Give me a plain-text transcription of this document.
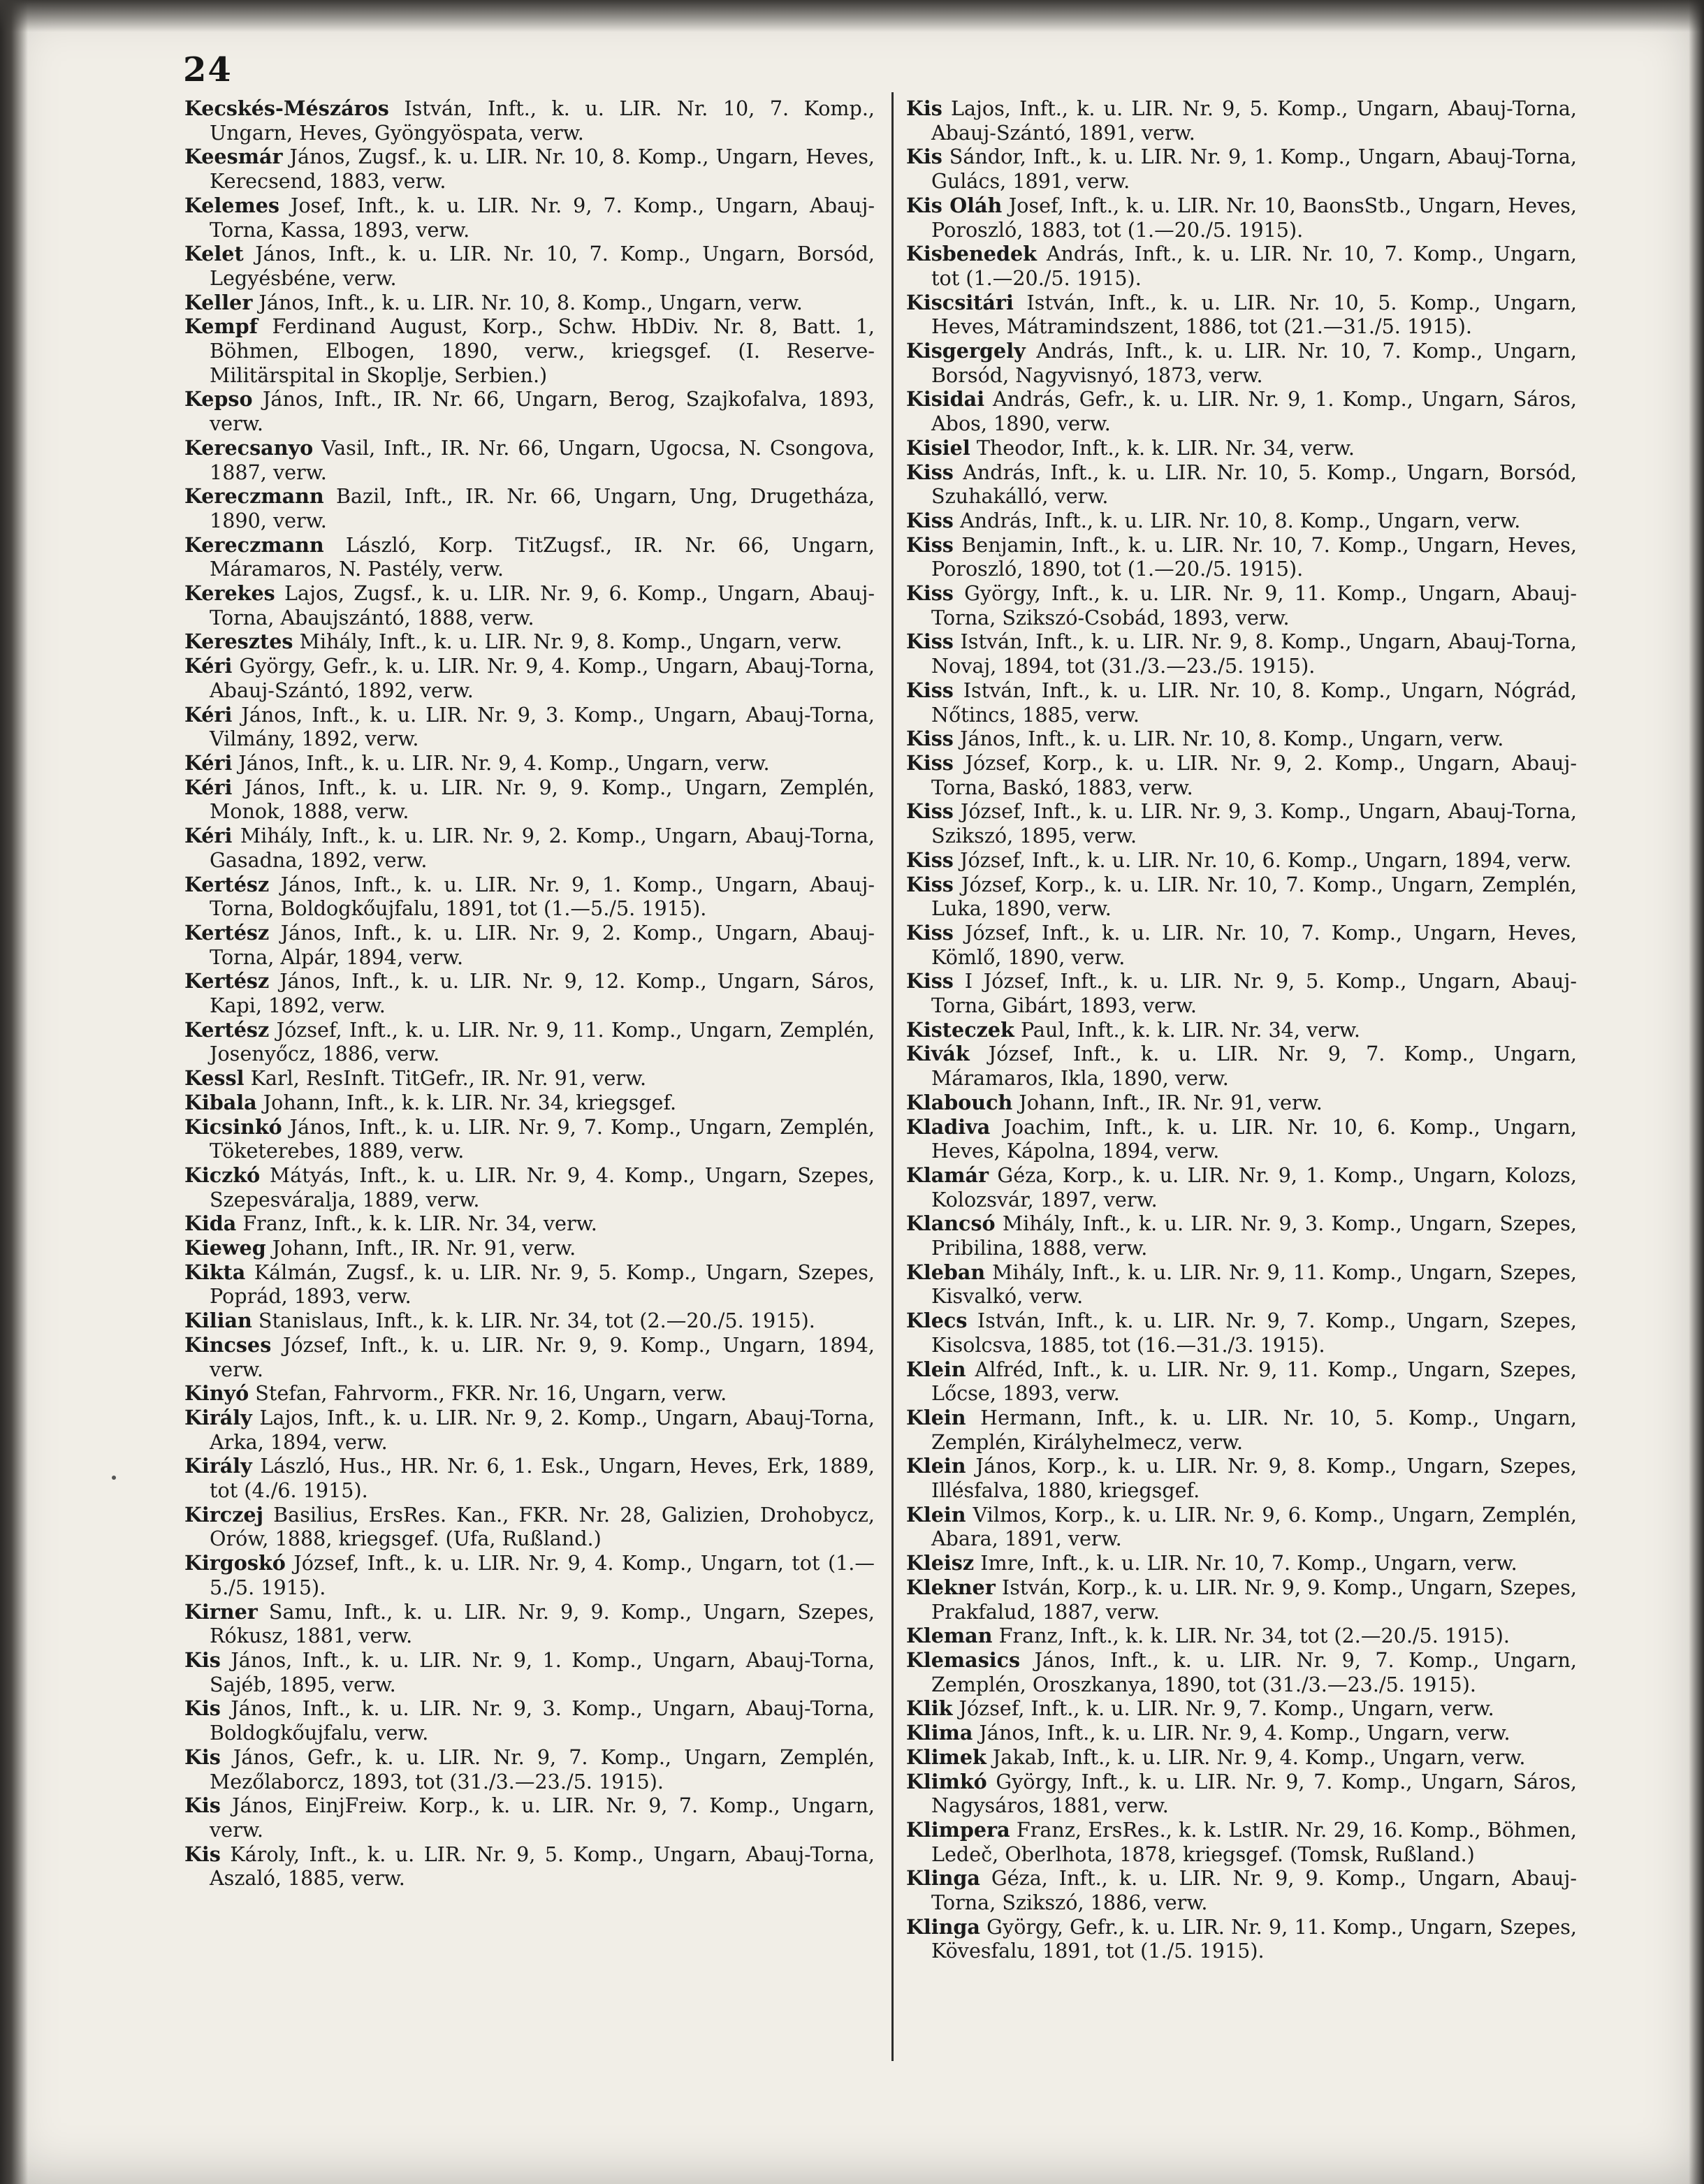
24
Kecskés-Mészáros István, Inft., k. u. LIR. Nr. 10, 7. Komp., Ungarn, Heves, Gyöngyöspata, verw.
Keesmár János, Zugsf., k. u. LIR. Nr. 10, 8. Komp., Ungarn, Heves, Kerecsend, 1883, verw.
Kelemes Josef, Inft., k. u. LIR. Nr. 9, 7. Komp., Ungarn, Abauj-Torna, Kassa, 1893, verw.
Kelet János, Inft., k. u. LIR. Nr. 10, 7. Komp., Ungarn, Borsód, Legyésbéne, verw.
Keller János, Inft., k. u. LIR. Nr. 10, 8. Komp., Ungarn, verw.
Kempf Ferdinand August, Korp., Schw. HbDiv. Nr. 8, Batt. 1, Böhmen, Elbogen, 1890, verw., kriegsgef. (I. Reserve-Militärspital in Skoplje, Serbien.)
Kepso János, Inft., IR. Nr. 66, Ungarn, Berog, Szajkofalva, 1893, verw.
Kerecsanyo Vasil, Inft., IR. Nr. 66, Ungarn, Ugocsa, N. Csongova, 1887, verw.
Kereczmann Bazil, Inft., IR. Nr. 66, Ungarn, Ung, Drugetháza, 1890, verw.
Kereczmann László, Korp. TitZugsf., IR. Nr. 66, Ungarn, Máramaros, N. Pastély, verw.
Kerekes Lajos, Zugsf., k. u. LIR. Nr. 9, 6. Komp., Ungarn, Abauj-Torna, Abaujszántó, 1888, verw.
Keresztes Mihály, Inft., k. u. LIR. Nr. 9, 8. Komp., Ungarn, verw.
Kéri György, Gefr., k. u. LIR. Nr. 9, 4. Komp., Ungarn, Abauj-Torna, Abauj-Szántó, 1892, verw.
Kéri János, Inft., k. u. LIR. Nr. 9, 3. Komp., Ungarn, Abauj-Torna, Vilmány, 1892, verw.
Kéri János, Inft., k. u. LIR. Nr. 9, 4. Komp., Ungarn, verw.
Kéri János, Inft., k. u. LIR. Nr. 9, 9. Komp., Ungarn, Zemplén, Monok, 1888, verw.
Kéri Mihály, Inft., k. u. LIR. Nr. 9, 2. Komp., Ungarn, Abauj-Torna, Gasadna, 1892, verw.
Kertész János, Inft., k. u. LIR. Nr. 9, 1. Komp., Ungarn, Abauj-Torna, Boldogkőujfalu, 1891, tot (1.—5./5. 1915).
Kertész János, Inft., k. u. LIR. Nr. 9, 2. Komp., Ungarn, Abauj-Torna, Alpár, 1894, verw.
Kertész János, Inft., k. u. LIR. Nr. 9, 12. Komp., Ungarn, Sáros, Kapi, 1892, verw.
Kertész József, Inft., k. u. LIR. Nr. 9, 11. Komp., Ungarn, Zemplén, Josenyőcz, 1886, verw.
Kessl Karl, ResInft. TitGefr., IR. Nr. 91, verw.
Kibala Johann, Inft., k. k. LIR. Nr. 34, kriegsgef.
Kicsinkó János, Inft., k. u. LIR. Nr. 9, 7. Komp., Ungarn, Zemplén, Töketerebes, 1889, verw.
Kiczkó Mátyás, Inft., k. u. LIR. Nr. 9, 4. Komp., Ungarn, Szepes, Szepesváralja, 1889, verw.
Kida Franz, Inft., k. k. LIR. Nr. 34, verw.
Kieweg Johann, Inft., IR. Nr. 91, verw.
Kikta Kálmán, Zugsf., k. u. LIR. Nr. 9, 5. Komp., Ungarn, Szepes, Poprád, 1893, verw.
Kilian Stanislaus, Inft., k. k. LIR. Nr. 34, tot (2.—20./5. 1915).
Kincses József, Inft., k. u. LIR. Nr. 9, 9. Komp., Ungarn, 1894, verw.
Kinyó Stefan, Fahrvorm., FKR. Nr. 16, Ungarn, verw.
Király Lajos, Inft., k. u. LIR. Nr. 9, 2. Komp., Ungarn, Abauj-Torna, Arka, 1894, verw.
Király László, Hus., HR. Nr. 6, 1. Esk., Ungarn, Heves, Erk, 1889, tot (4./6. 1915).
Kirczej Basilius, ErsRes. Kan., FKR. Nr. 28, Galizien, Drohobycz, Orów, 1888, kriegsgef. (Ufa, Rußland.)
Kirgoskó József, Inft., k. u. LIR. Nr. 9, 4. Komp., Ungarn, tot (1.—5./5. 1915).
Kirner Samu, Inft., k. u. LIR. Nr. 9, 9. Komp., Ungarn, Szepes, Rókusz, 1881, verw.
Kis János, Inft., k. u. LIR. Nr. 9, 1. Komp., Ungarn, Abauj-Torna, Sajéb, 1895, verw.
Kis János, Inft., k. u. LIR. Nr. 9, 3. Komp., Ungarn, Abauj-Torna, Boldogkőujfalu, verw.
Kis János, Gefr., k. u. LIR. Nr. 9, 7. Komp., Ungarn, Zemplén, Mezőlaborcz, 1893, tot (31./3.—23./5. 1915).
Kis János, EinjFreiw. Korp., k. u. LIR. Nr. 9, 7. Komp., Ungarn, verw.
Kis Károly, Inft., k. u. LIR. Nr. 9, 5. Komp., Ungarn, Abauj-Torna, Aszaló, 1885, verw.
Kis Lajos, Inft., k. u. LIR. Nr. 9, 5. Komp., Ungarn, Abauj-Torna, Abauj-Szántó, 1891, verw.
Kis Sándor, Inft., k. u. LIR. Nr. 9, 1. Komp., Ungarn, Abauj-Torna, Gulács, 1891, verw.
Kis Oláh Josef, Inft., k. u. LIR. Nr. 10, BaonsStb., Ungarn, Heves, Poroszló, 1883, tot (1.—20./5. 1915).
Kisbenedek András, Inft., k. u. LIR. Nr. 10, 7. Komp., Ungarn, tot (1.—20./5. 1915).
Kiscsitári István, Inft., k. u. LIR. Nr. 10, 5. Komp., Ungarn, Heves, Mátramindszent, 1886, tot (21.—31./5. 1915).
Kisgergely András, Inft., k. u. LIR. Nr. 10, 7. Komp., Ungarn, Borsód, Nagyvisnyó, 1873, verw.
Kisidai András, Gefr., k. u. LIR. Nr. 9, 1. Komp., Ungarn, Sáros, Abos, 1890, verw.
Kisiel Theodor, Inft., k. k. LIR. Nr. 34, verw.
Kiss András, Inft., k. u. LIR. Nr. 10, 5. Komp., Ungarn, Borsód, Szuhakálló, verw.
Kiss András, Inft., k. u. LIR. Nr. 10, 8. Komp., Ungarn, verw.
Kiss Benjamin, Inft., k. u. LIR. Nr. 10, 7. Komp., Ungarn, Heves, Poroszló, 1890, tot (1.—20./5. 1915).
Kiss György, Inft., k. u. LIR. Nr. 9, 11. Komp., Ungarn, Abauj-Torna, Szikszó-Csobád, 1893, verw.
Kiss István, Inft., k. u. LIR. Nr. 9, 8. Komp., Ungarn, Abauj-Torna, Novaj, 1894, tot (31./3.—23./5. 1915).
Kiss István, Inft., k. u. LIR. Nr. 10, 8. Komp., Ungarn, Nógrád, Nőtincs, 1885, verw.
Kiss János, Inft., k. u. LIR. Nr. 10, 8. Komp., Ungarn, verw.
Kiss József, Korp., k. u. LIR. Nr. 9, 2. Komp., Ungarn, Abauj-Torna, Baskó, 1883, verw.
Kiss József, Inft., k. u. LIR. Nr. 9, 3. Komp., Ungarn, Abauj-Torna, Szikszó, 1895, verw.
Kiss József, Inft., k. u. LIR. Nr. 10, 6. Komp., Ungarn, 1894, verw.
Kiss József, Korp., k. u. LIR. Nr. 10, 7. Komp., Ungarn, Zemplén, Luka, 1890, verw.
Kiss József, Inft., k. u. LIR. Nr. 10, 7. Komp., Ungarn, Heves, Kömlő, 1890, verw.
Kiss I József, Inft., k. u. LIR. Nr. 9, 5. Komp., Ungarn, Abauj-Torna, Gibárt, 1893, verw.
Kisteczek Paul, Inft., k. k. LIR. Nr. 34, verw.
Kivák József, Inft., k. u. LIR. Nr. 9, 7. Komp., Ungarn, Máramaros, Ikla, 1890, verw.
Klabouch Johann, Inft., IR. Nr. 91, verw.
Kladiva Joachim, Inft., k. u. LIR. Nr. 10, 6. Komp., Ungarn, Heves, Kápolna, 1894, verw.
Klamár Géza, Korp., k. u. LIR. Nr. 9, 1. Komp., Ungarn, Kolozs, Kolozsvár, 1897, verw.
Klancsó Mihály, Inft., k. u. LIR. Nr. 9, 3. Komp., Ungarn, Szepes, Pribilina, 1888, verw.
Kleban Mihály, Inft., k. u. LIR. Nr. 9, 11. Komp., Ungarn, Szepes, Kisvalkó, verw.
Klecs István, Inft., k. u. LIR. Nr. 9, 7. Komp., Ungarn, Szepes, Kisolcsva, 1885, tot (16.—31./3. 1915).
Klein Alfréd, Inft., k. u. LIR. Nr. 9, 11. Komp., Ungarn, Szepes, Lőcse, 1893, verw.
Klein Hermann, Inft., k. u. LIR. Nr. 10, 5. Komp., Ungarn, Zemplén, Királyhelmecz, verw.
Klein János, Korp., k. u. LIR. Nr. 9, 8. Komp., Ungarn, Szepes, Illésfalva, 1880, kriegsgef.
Klein Vilmos, Korp., k. u. LIR. Nr. 9, 6. Komp., Ungarn, Zemplén, Abara, 1891, verw.
Kleisz Imre, Inft., k. u. LIR. Nr. 10, 7. Komp., Ungarn, verw.
Klekner István, Korp., k. u. LIR. Nr. 9, 9. Komp., Ungarn, Szepes, Prakfalud, 1887, verw.
Kleman Franz, Inft., k. k. LIR. Nr. 34, tot (2.—20./5. 1915).
Klemasics János, Inft., k. u. LIR. Nr. 9, 7. Komp., Ungarn, Zemplén, Oroszkanya, 1890, tot (31./3.—23./5. 1915).
Klik József, Inft., k. u. LIR. Nr. 9, 7. Komp., Ungarn, verw.
Klima János, Inft., k. u. LIR. Nr. 9, 4. Komp., Ungarn, verw.
Klimek Jakab, Inft., k. u. LIR. Nr. 9, 4. Komp., Ungarn, verw.
Klimkó György, Inft., k. u. LIR. Nr. 9, 7. Komp., Ungarn, Sáros, Nagysáros, 1881, verw.
Klimpera Franz, ErsRes., k. k. LstIR. Nr. 29, 16. Komp., Böhmen, Ledeč, Oberlhota, 1878, kriegsgef. (Tomsk, Rußland.)
Klinga Géza, Inft., k. u. LIR. Nr. 9, 9. Komp., Ungarn, Abauj-Torna, Szikszó, 1886, verw.
Klinga György, Gefr., k. u. LIR. Nr. 9, 11. Komp., Ungarn, Szepes, Kövesfalu, 1891, tot (1./5. 1915).
